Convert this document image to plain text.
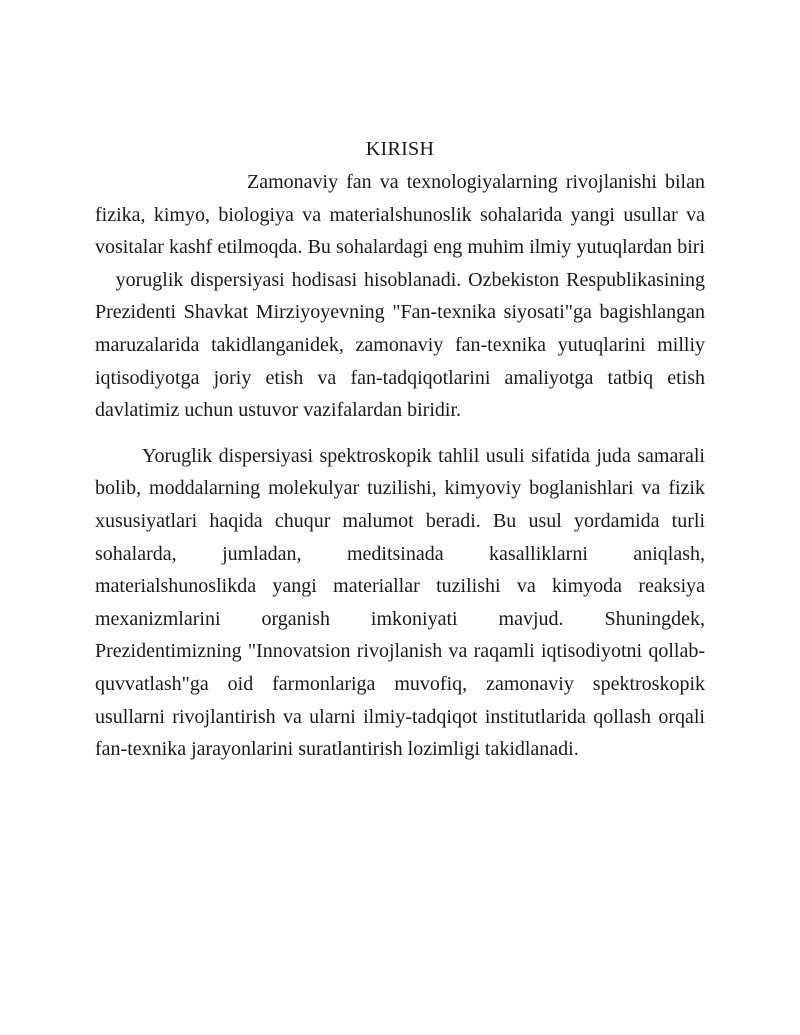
KIRISH

Zamonaviy fan va texnologiyalarning rivojlanishi bilan fizika, kimyo, biologiya va materialshunoslik sohalarida yangi usullar va vositalar kashf etilmoqda. Bu sohalardagi eng muhim ilmiy yutuqlardan biri    yoruglik dispersiyasi hodisasi hisoblanadi. Ozbekiston Respublikasining Prezidenti Shavkat Mirziyoyevning "Fan-texnika siyosati"ga bagishlangan maruzalarida takidlanganidek, zamonaviy fan-texnika yutuqlarini milliy iqtisodiyotga joriy etish va fan-tadqiqotlarini amaliyotga tatbiq etish davlatimiz uchun ustuvor vazifalardan biridir.

Yoruglik dispersiyasi spektroskopik tahlil usuli sifatida juda samarali bolib, moddalarning molekulyar tuzilishi, kimyoviy boglanishlari va fizik xususiyatlari haqida chuqur malumot beradi. Bu usul yordamida turli sohalarda, jumladan, meditsinada kasalliklarni aniqlash, materialshunoslikda yangi materiallar tuzilishi va kimyoda reaksiya mexanizmlarini organish imkoniyati mavjud. Shuningdek, Prezidentimizning "Innovatsion rivojlanish va raqamli iqtisodiyotni qollab-quvvatlash"ga oid farmonlariga muvofiq, zamonaviy spektroskopik usullarni rivojlantirish va ularni ilmiy-tadqiqot institutlarida qollash orqali fan-texnika jarayonlarini suratlantirish lozimligi takidlanadi.
